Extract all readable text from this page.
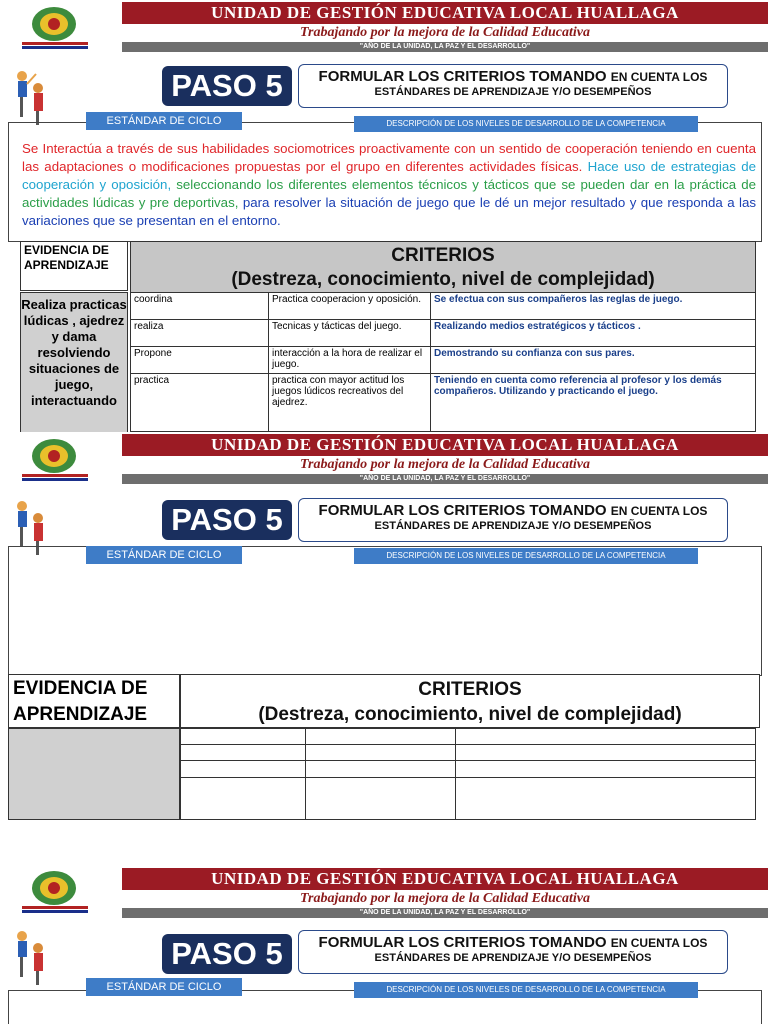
UNIDAD DE GESTIÓN EDUCATIVA LOCAL HUALLAGA
Trabajando por la mejora de la Calidad Educativa
"AÑO DE LA UNIDAD, LA PAZ Y EL DESARROLLO"
PASO 5	FORMULAR LOS CRITERIOS TOMANDO EN CUENTA LOS
ESTÁNDARES DE APRENDIZAJE Y/O DESEMPEÑOS
ESTÁNDAR DE CICLO	DESCRIPCIÓN DE LOS NIVELES DE DESARROLLO DE LA COMPETENCIA
Se Interactúa a través de sus habilidades sociomotrices proactivamente con un sentido de cooperación teniendo en cuenta las adaptaciones o modificaciones propuestas por el grupo en diferentes actividades físicas. Hace uso de estrategias de cooperación y oposición, seleccionando los diferentes elementos técnicos y tácticos que se pueden dar en la práctica de actividades lúdicas y pre deportivas, para resolver la situación de juego que le dé un mejor resultado y que responda a las variaciones que se presentan en el entorno.
EVIDENCIA DE APRENDIZAJE	CRITERIOS
(Destreza, conocimiento, nivel de complejidad)
Realiza practicas lúdicas , ajedrez y dama resolviendo situaciones de juego, interactuando
coordina	Practica cooperacion y oposición.	Se efectua con sus compañeros las reglas de juego.
realiza	Tecnicas y tácticas del juego.	Realizando medios estratégicos y tácticos .
Propone	interacción a la hora de realizar el juego.	Demostrando su confianza con sus pares.
practica	practica con mayor actitud los juegos lúdicos recreativos del ajedrez.	Teniendo en cuenta como referencia al profesor y los demás compañeros. Utilizando y practicando el juego.
UNIDAD DE GESTIÓN EDUCATIVA LOCAL HUALLAGA
Trabajando por la mejora de la Calidad Educativa
"AÑO DE LA UNIDAD, LA PAZ Y EL DESARROLLO"
PASO 5	FORMULAR LOS CRITERIOS TOMANDO EN CUENTA LOS
ESTÁNDARES DE APRENDIZAJE Y/O DESEMPEÑOS
ESTÁNDAR DE CICLO	DESCRIPCIÓN DE LOS NIVELES DE DESARROLLO DE LA COMPETENCIA
EVIDENCIA DE APRENDIZAJE
CRITERIOS
(Destreza, conocimiento, nivel de complejidad)

UNIDAD DE GESTIÓN EDUCATIVA LOCAL HUALLAGA
Trabajando por la mejora de la Calidad Educativa
"AÑO DE LA UNIDAD, LA PAZ Y EL DESARROLLO"
PASO 5	FORMULAR LOS CRITERIOS TOMANDO EN CUENTA LOS
ESTÁNDARES DE APRENDIZAJE Y/O DESEMPEÑOS
ESTÁNDAR DE CICLO	DESCRIPCIÓN DE LOS NIVELES DE DESARROLLO DE LA COMPETENCIA
